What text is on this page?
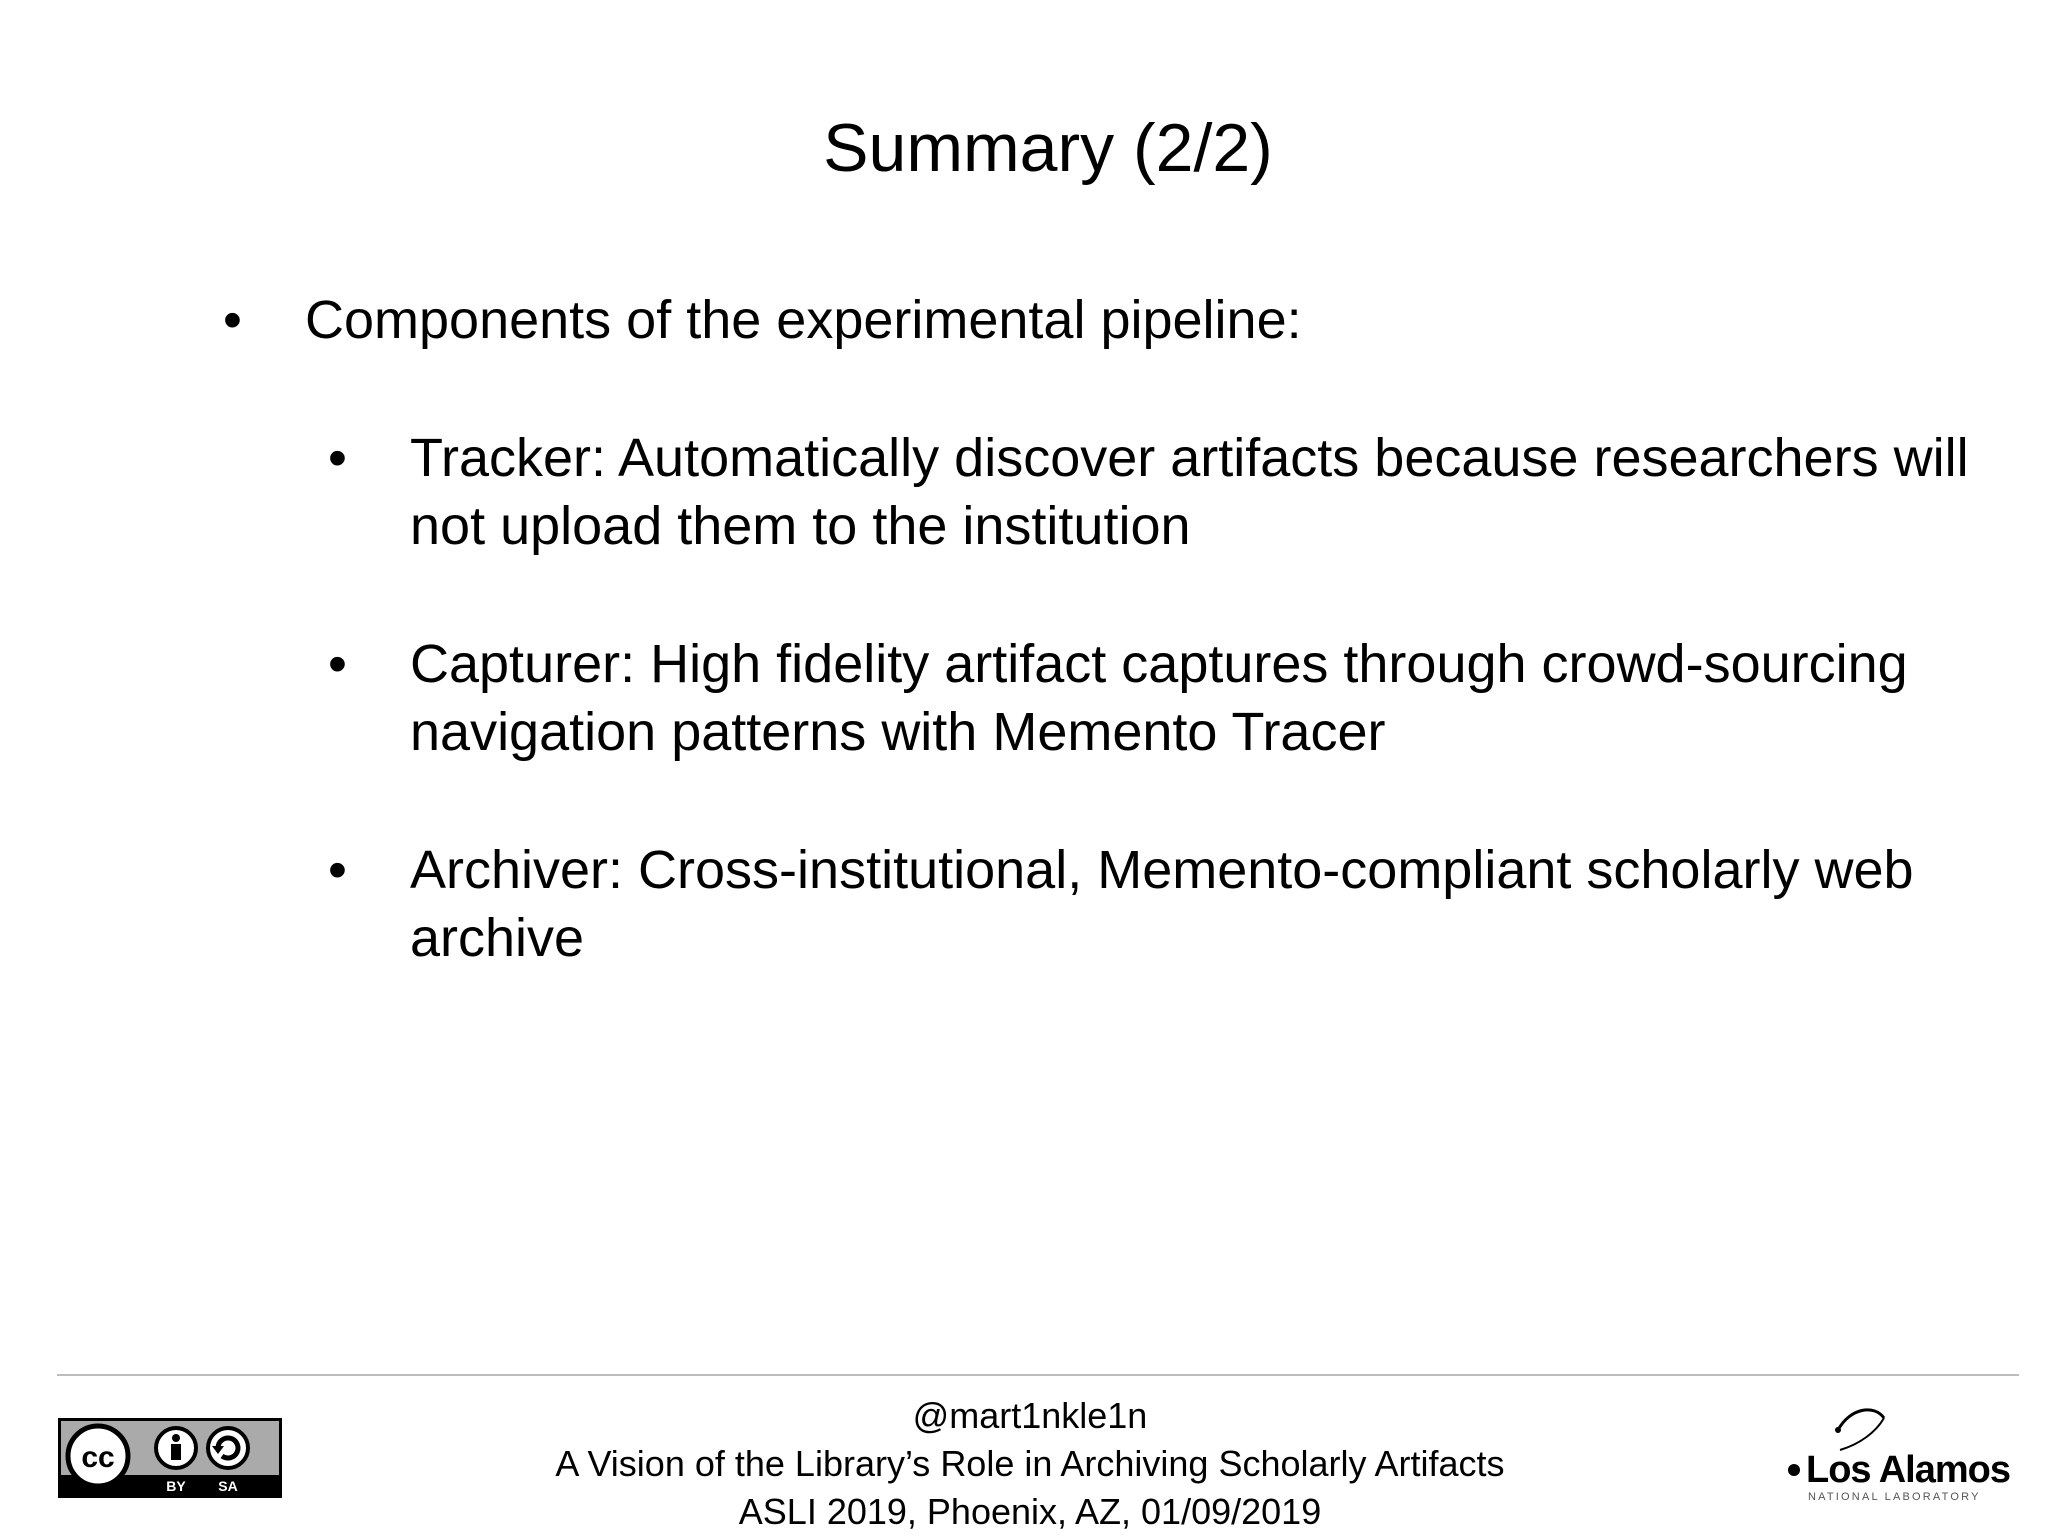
Summary (2/2)
• Components of the experimental pipeline:
• Tracker: Automatically discover artifacts because researchers will not upload them to the institution
• Capturer: High fidelity artifact captures through crowd-sourcing navigation patterns with Memento Tracer
• Archiver: Cross-institutional, Memento-compliant scholarly web archive
@mart1nkle1n
A Vision of the Library’s Role in Archiving Scholarly Artifacts
ASLI 2019, Phoenix, AZ, 01/09/2019
cc
BY SA	Los Alamos
NATIONAL LABORATORY
